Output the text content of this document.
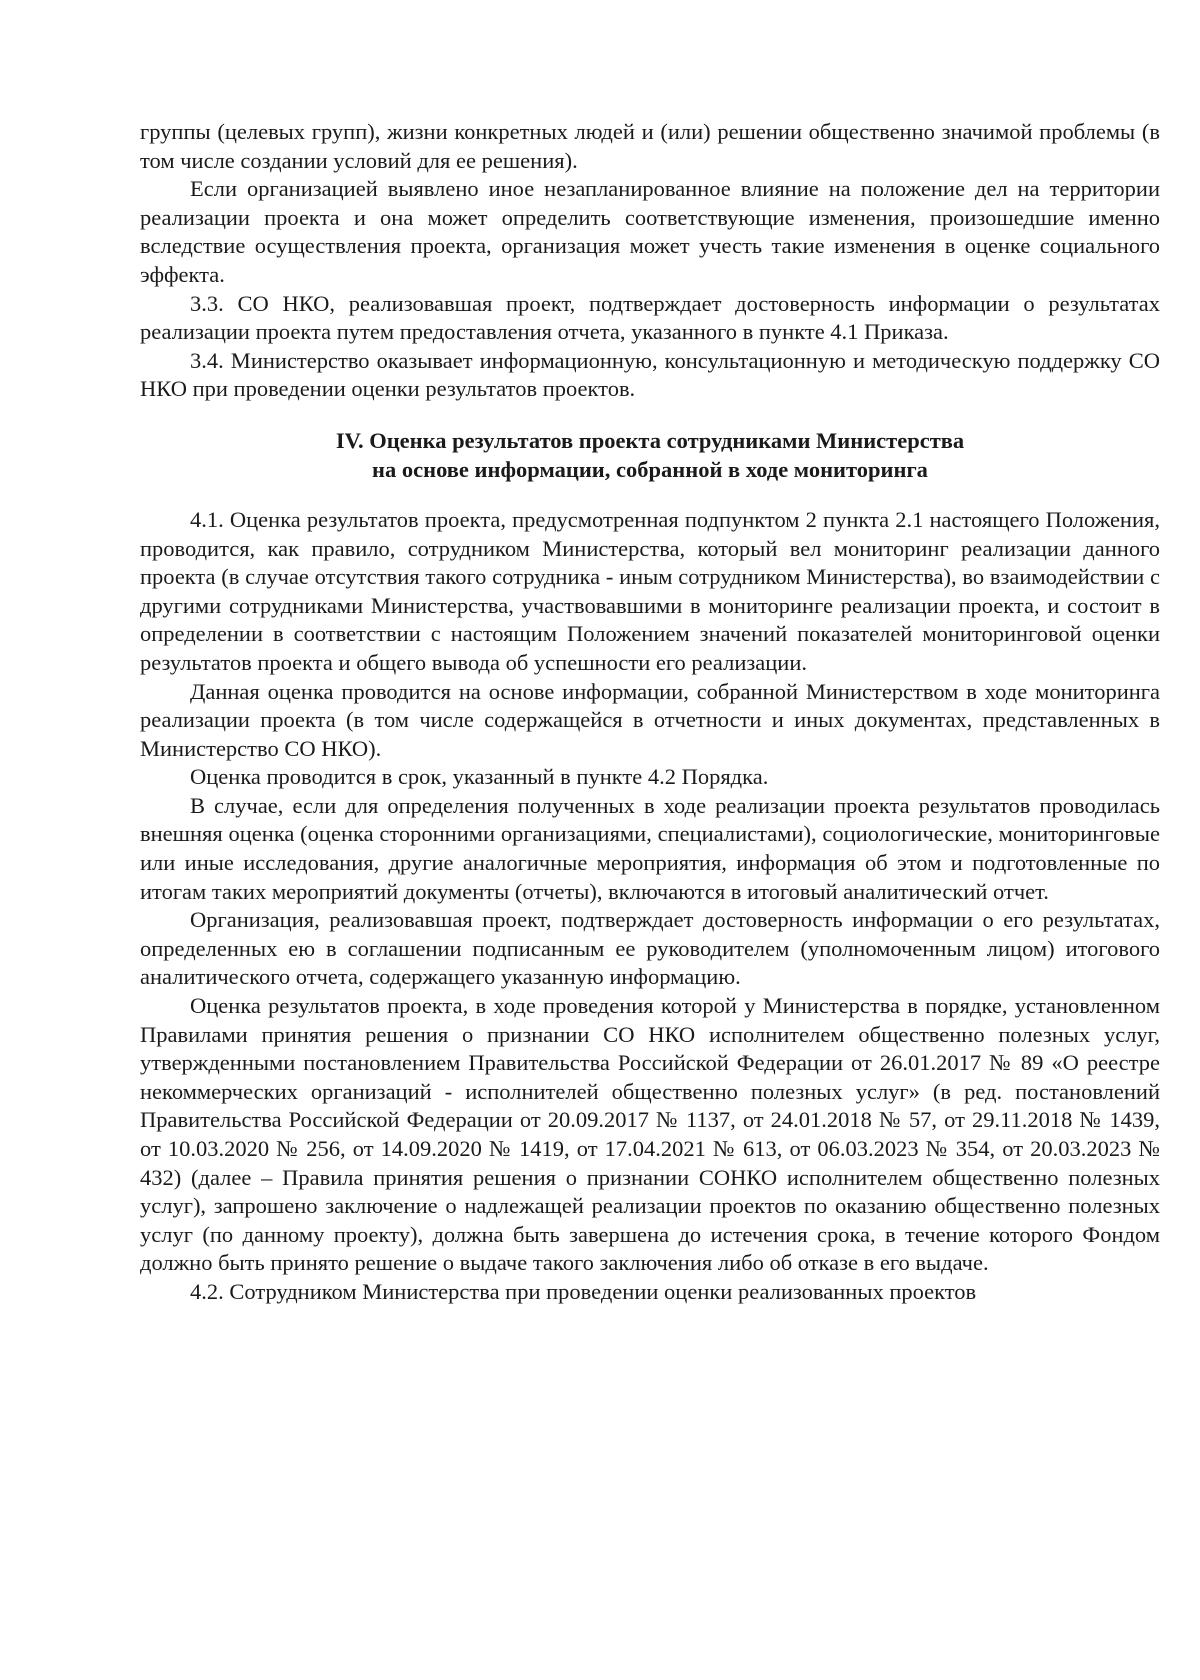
группы (целевых групп), жизни конкретных людей и (или) решении общественно значимой проблемы (в том числе создании условий для ее решения).

Если организацией выявлено иное незапланированное влияние на положение дел на территории реализации проекта и она может определить соответствующие изменения, произошедшие именно вследствие осуществления проекта, организация может учесть такие изменения в оценке социального эффекта.

3.3. СО НКО, реализовавшая проект, подтверждает достоверность информации о результатах реализации проекта путем предоставления отчета, указанного в пункте 4.1 Приказа.

3.4. Министерство оказывает информационную, консультационную и методическую поддержку СО НКО при проведении оценки результатов проектов.

IV. Оценка результатов проекта сотрудниками Министерства
на основе информации, собранной в ходе мониторинга

4.1. Оценка результатов проекта, предусмотренная подпунктом 2 пункта 2.1 настоящего Положения, проводится, как правило, сотрудником Министерства, который вел мониторинг реализации данного проекта (в случае отсутствия такого сотрудника - иным сотрудником Министерства), во взаимодействии с другими сотрудниками Министерства, участвовавшими в мониторинге реализации проекта, и состоит в определении в соответствии с настоящим Положением значений показателей мониторинговой оценки результатов проекта и общего вывода об успешности его реализации.

Данная оценка проводится на основе информации, собранной Министерством в ходе мониторинга реализации проекта (в том числе содержащейся в отчетности и иных документах, представленных в Министерство СО НКО).

Оценка проводится в срок, указанный в пункте 4.2 Порядка.

В случае, если для определения полученных в ходе реализации проекта результатов проводилась внешняя оценка (оценка сторонними организациями, специалистами), социологические, мониторинговые или иные исследования, другие аналогичные мероприятия, информация об этом и подготовленные по итогам таких мероприятий документы (отчеты), включаются в итоговый аналитический отчет.

Организация, реализовавшая проект, подтверждает достоверность информации о его результатах, определенных ею в соглашении подписанным ее руководителем (уполномоченным лицом) итогового аналитического отчета, содержащего указанную информацию.

Оценка результатов проекта, в ходе проведения которой у Министерства в порядке, установленном Правилами принятия решения о признании СО НКО исполнителем общественно полезных услуг, утвержденными постановлением Правительства Российской Федерации от 26.01.2017 № 89 «О реестре некоммерческих организаций - исполнителей общественно полезных услуг» (в ред. постановлений Правительства Российской Федерации от 20.09.2017 № 1137, от 24.01.2018 № 57, от 29.11.2018 № 1439, от 10.03.2020 № 256, от 14.09.2020 № 1419, от 17.04.2021 № 613, от 06.03.2023 № 354, от 20.03.2023 № 432) (далее – Правила принятия решения о признании СОНКО исполнителем общественно полезных услуг), запрошено заключение о надлежащей реализации проектов по оказанию общественно полезных услуг (по данному проекту), должна быть завершена до истечения срока, в течение которого Фондом должно быть принято решение о выдаче такого заключения либо об отказе в его выдаче.

4.2. Сотрудником Министерства при проведении оценки реализованных проектов
